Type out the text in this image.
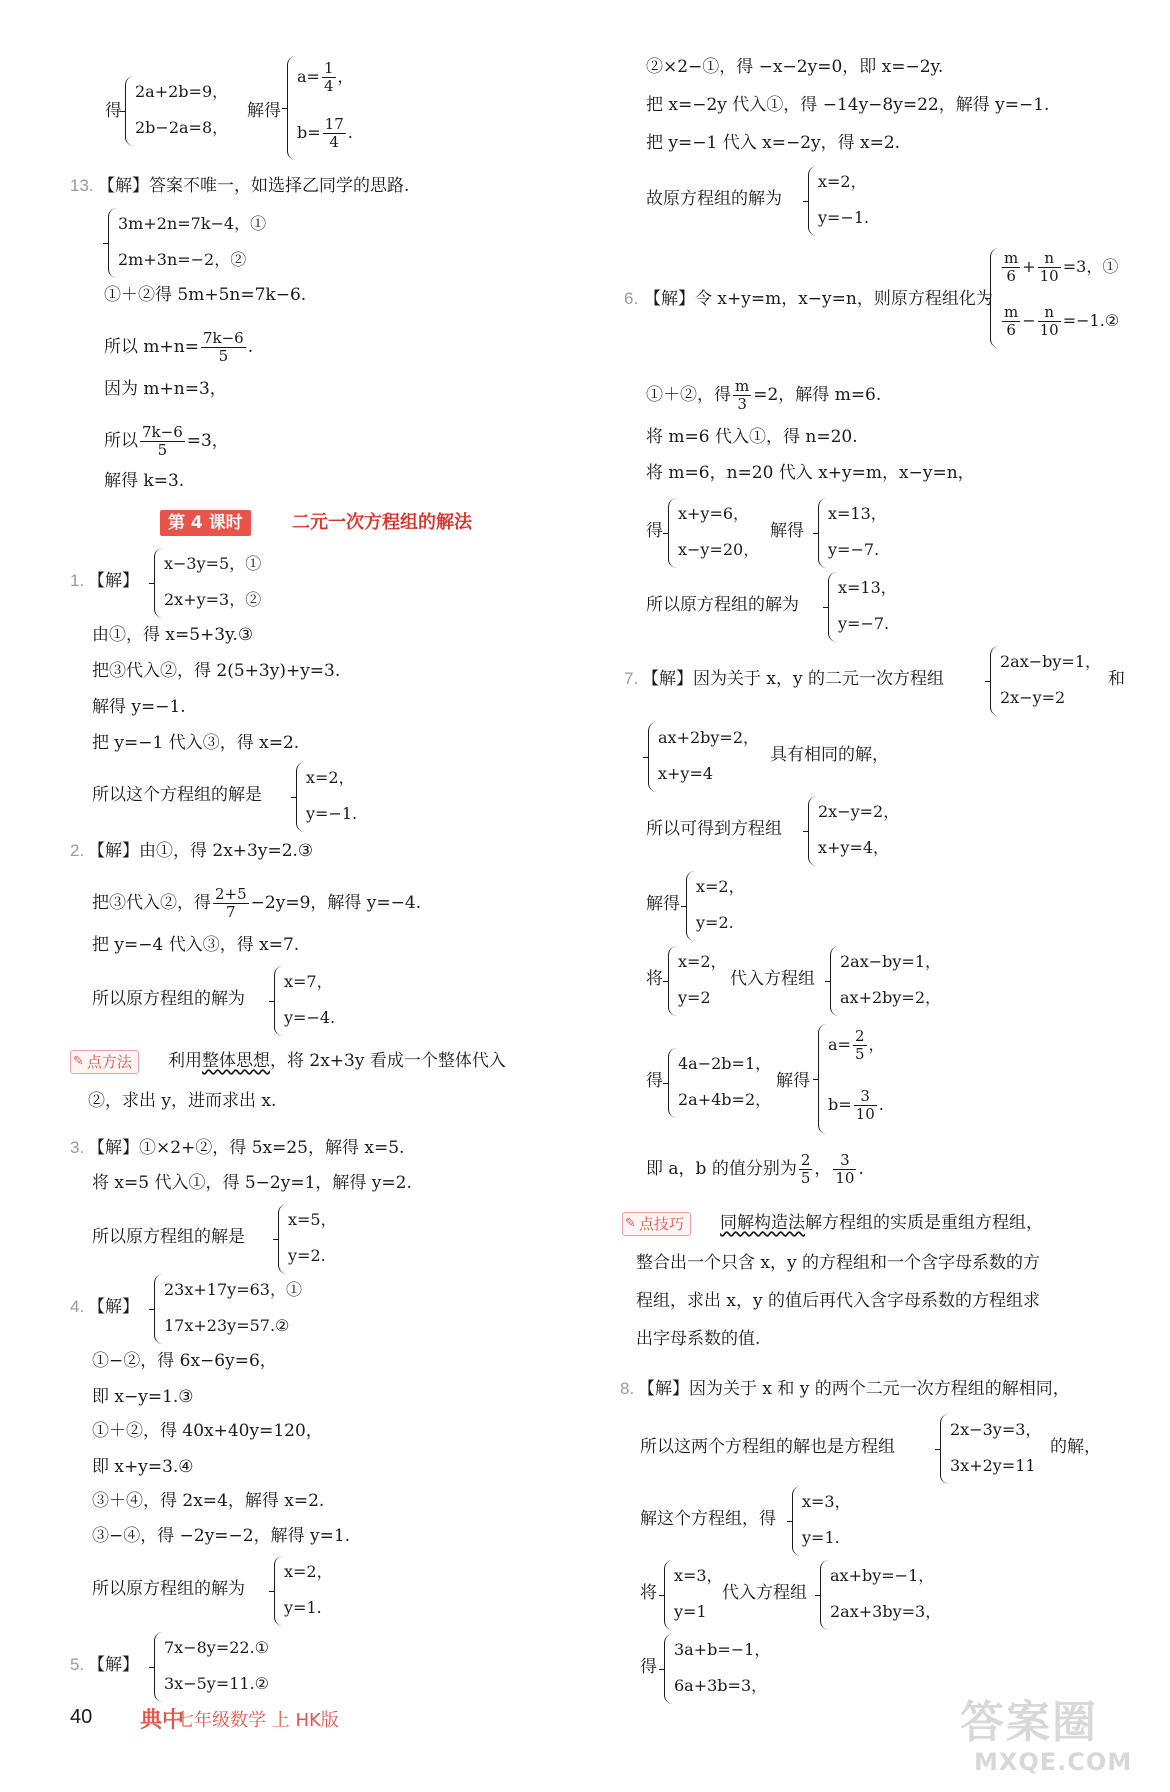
得
2a+2b=9，
2b−2a=8，
解得
$a= \frac{1}{4}$ ，
$b= \frac{17}{4}$ .
13. 【解】答案不唯一，如选择乙同学的思路.
3m+2n=7k−4，①
2m+3n=−2，②
①＋②得 5m+5n=7k−6.
所以 $m+n= \frac{7k-6}{5}$ .
因为 m+n=3，
所以 $\frac{7k-6}{5} =3$，
解得 k=3.
第 4 课时	二元一次方程组的解法
1. 【解】
x−3y=5，①
2x+y=3，②
由①，得 x=5+3y.③
把③代入②，得 2(5+3y)+y=3.
解得 y=−1.
把 y=−1 代入③，得 x=2.
所以这个方程组的解是
x=2，
y=−1.
2. 【解】由①，得 2x+3y=2.③
把③代入②，得 $\frac{2+5}{7} -2y=9$，解得 y=−4.
把 y=−4 代入③，得 x=7.
所以原方程组的解为
x=7，
y=−4.
✎ 点方法 利用整体思想，将 2x+3y 看成一个整体代入
②，求出 y，进而求出 x.
3. 【解】①×2+②，得 5x=25，解得 x=5.
将 x=5 代入①，得 5−2y=1，解得 y=2.
所以原方程组的解是
x=5，
y=2.
4. 【解】
23x+17y=63，①
17x+23y=57.②
①−②，得 6x−6y=6，
即 x−y=1.③
①＋②，得 40x+40y=120，
即 x+y=3.④
③＋④，得 2x=4，解得 x=2.
③−④，得 −2y=−2，解得 y=1.
所以原方程组的解为
x=2，
y=1.
5. 【解】
7x−8y=22.①
3x−5y=11.②
②×2−①，得 −x−2y=0，即 x=−2y.
把 x=−2y 代入①，得 −14y−8y=22，解得 y=−1.
把 y=−1 代入 x=−2y，得 x=2.
故原方程组的解为
x=2，
y=−1.
6. 【解】令 x+y=m，x−y=n，则原方程组化为
$\frac{m}{6} + \frac{n}{10} =3$，①
$\frac{m}{6} - \frac{n}{10}$ =−1.②
①＋②，得 $\frac{m}{3} =2$，解得 m=6.
将 m=6 代入①，得 n=20.
将 m=6，n=20 代入 x+y=m，x−y=n，
得
x+y=6，
x−y=20，
解得
x=13，
y=−7.
所以原方程组的解为
x=13，
y=−7.
7. 【解】因为关于 x，y 的二元一次方程组
2ax−by=1，
2x−y=2
和
ax+2by=2，
x+y=4
具有相同的解，
所以可得到方程组
2x−y=2，
x+y=4，
解得
x=2，
y=2.
将
x=2，
y=2
代入方程组
2ax−by=1，
ax+2by=2，
得
4a−2b=1，
2a+4b=2，
解得
$a= \frac{2}{5}$ ，
$b= \frac{3}{10}$ .
即 a，b 的值分别为 $\frac{2}{5}$ ， $\frac{3}{10}$ .
✎ 点技巧 同解构造法解方程组的实质是重组方程组，
整合出一个只含 x，y 的方程组和一个含字母系数的方
程组，求出 x，y 的值后再代入含字母系数的方程组求
出字母系数的值.
8. 【解】因为关于 x 和 y 的两个二元一次方程组的解相同，
所以这两个方程组的解也是方程组
2x−3y=3，
3x+2y=11
的解，
解这个方程组，得
x=3，
y=1.
将
x=3，
y=1
代入方程组
ax+by=−1，
2ax+3by=3，
得
3a+b=−1，
6a+3b=3，
40 典中
七年级数学 上 HK版	答案圈
MXQE.COM
